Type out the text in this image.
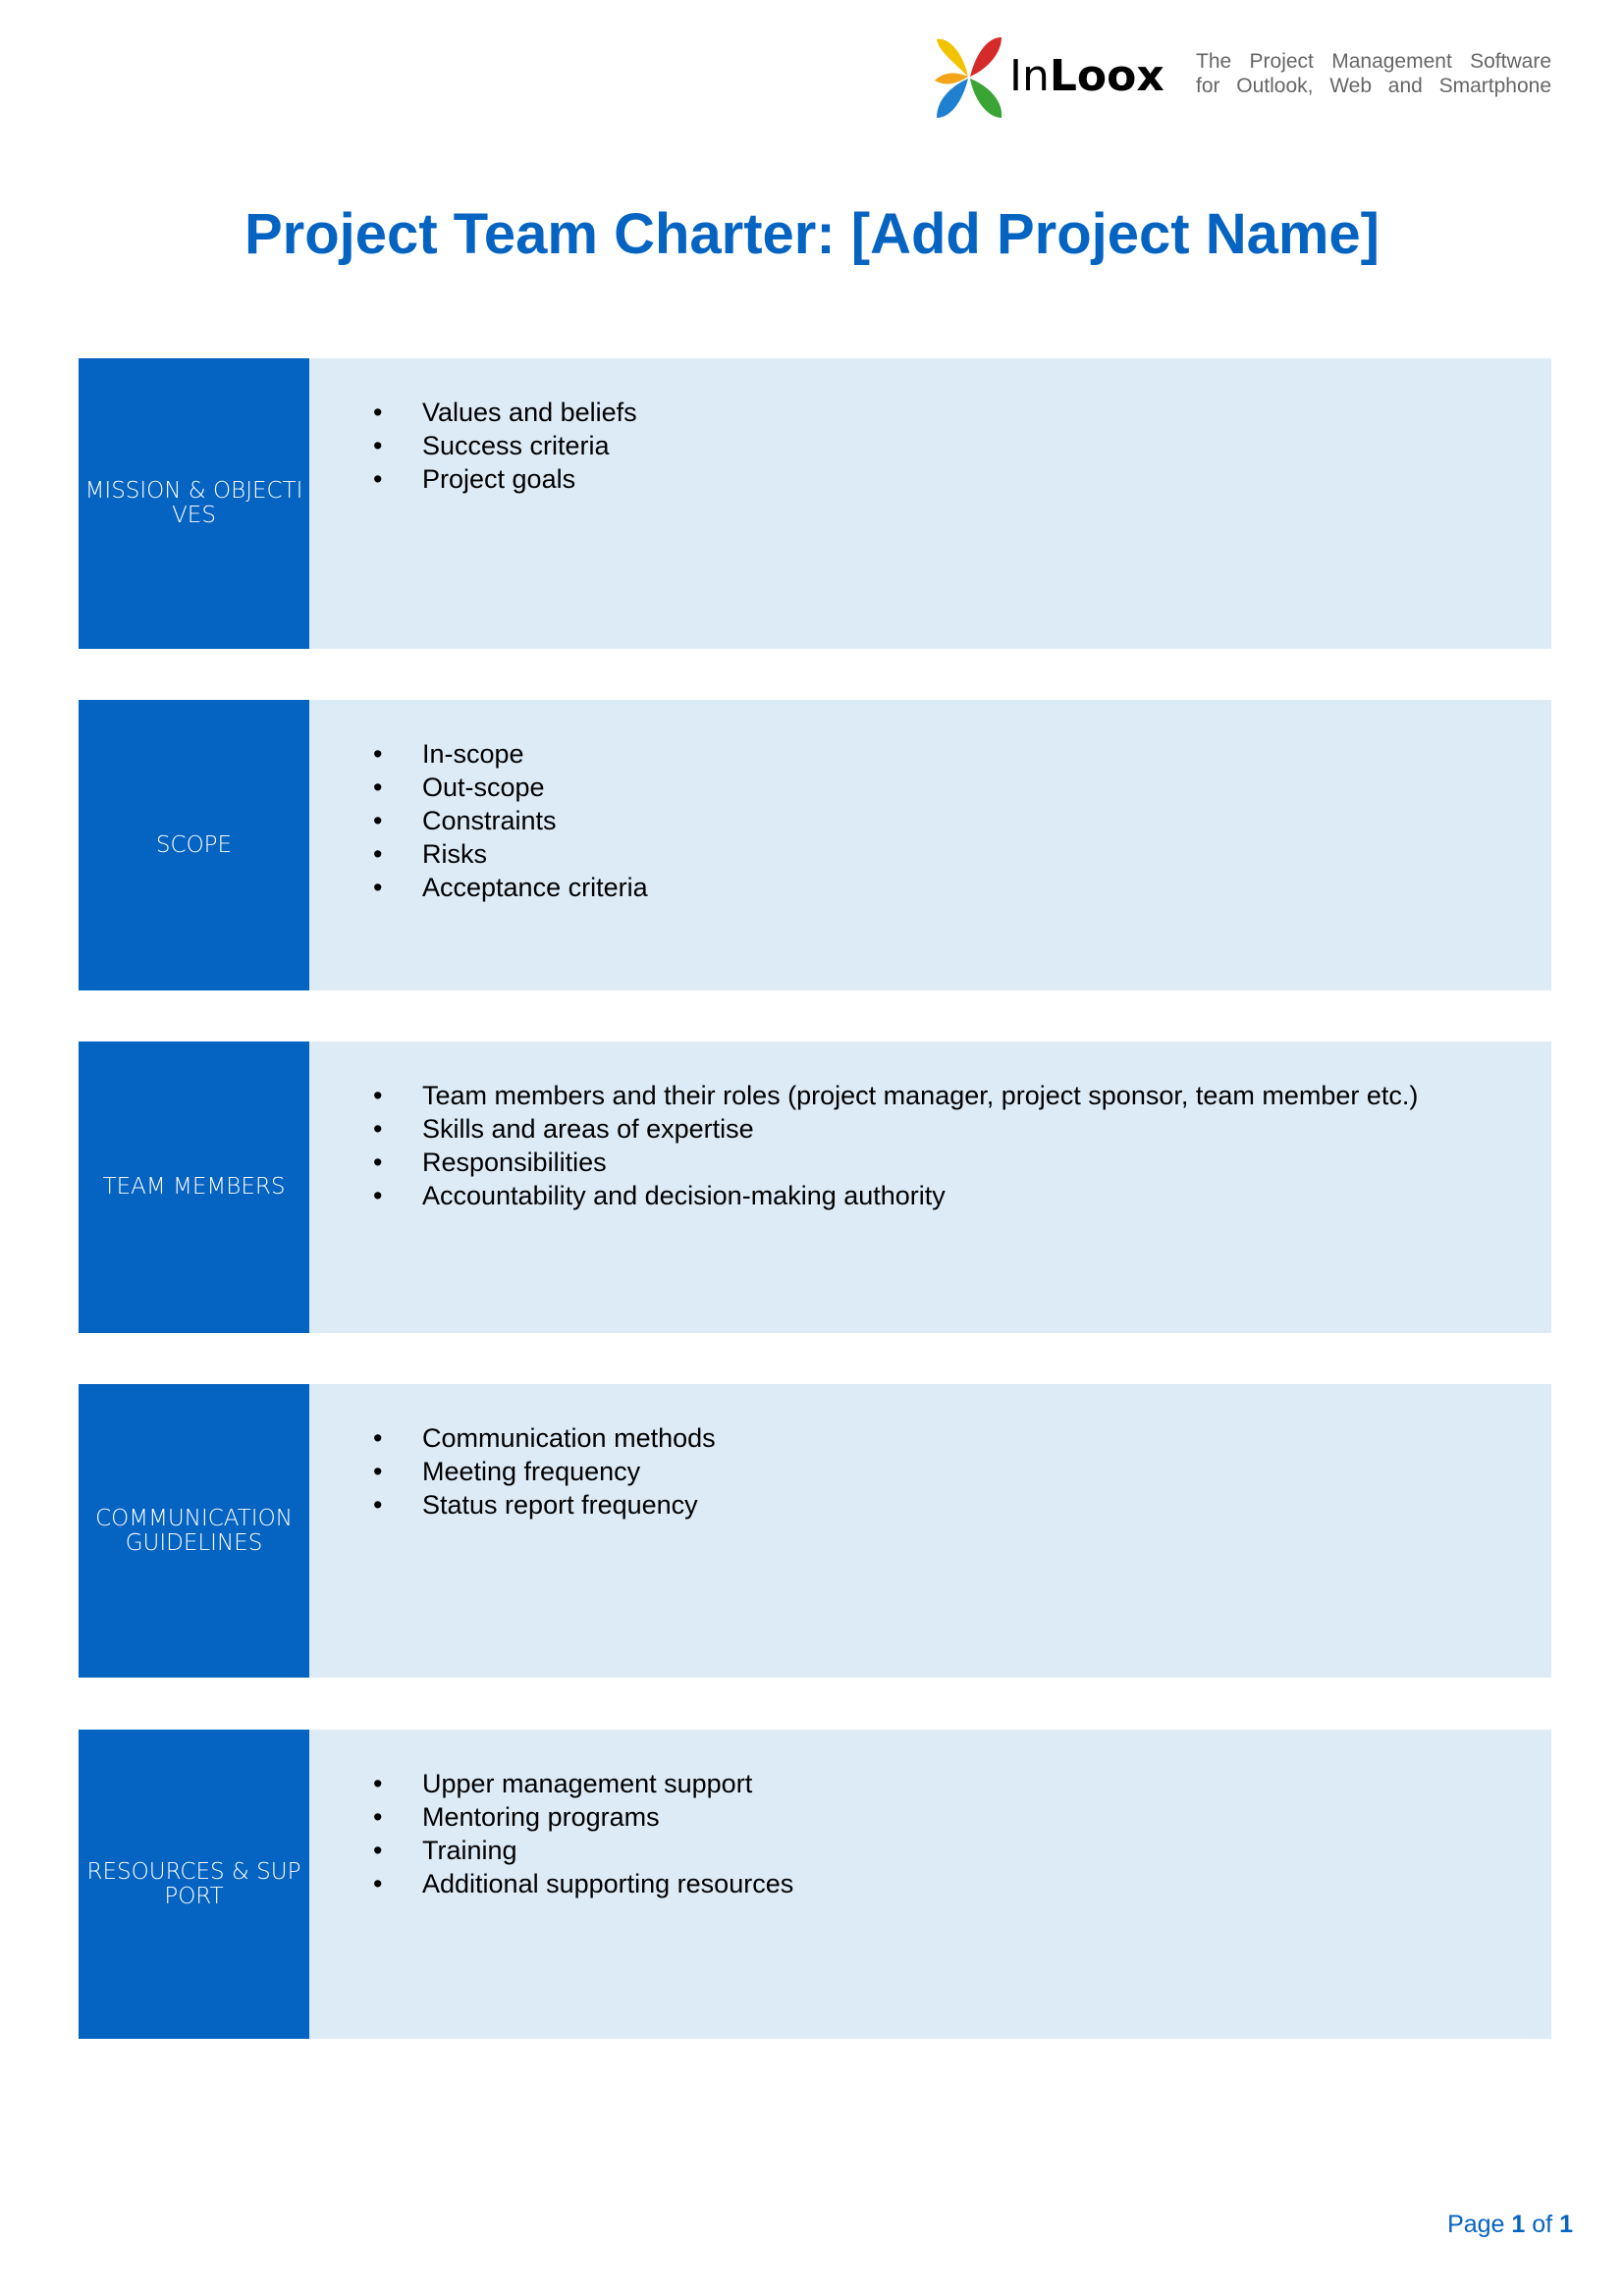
InLoox The Project Management Software
for Outlook, Web and Smartphone
Project Team Charter: [Add Project Name]
MISSION & OBJECTIVES
• Values and beliefs
• Success criteria
• Project goals
SCOPE
• In-scope
• Out-scope
• Constraints
• Risks
• Acceptance criteria
TEAM MEMBERS
• Team members and their roles (project manager, project sponsor, team member etc.)
• Skills and areas of expertise
• Responsibilities
• Accountability and decision-making authority
COMMUNICATION GUIDELINES
• Communication methods
• Meeting frequency
• Status report frequency
RESOURCES & SUPPORT
• Upper management support
• Mentoring programs
• Training
• Additional supporting resources
Page 1 of 1
